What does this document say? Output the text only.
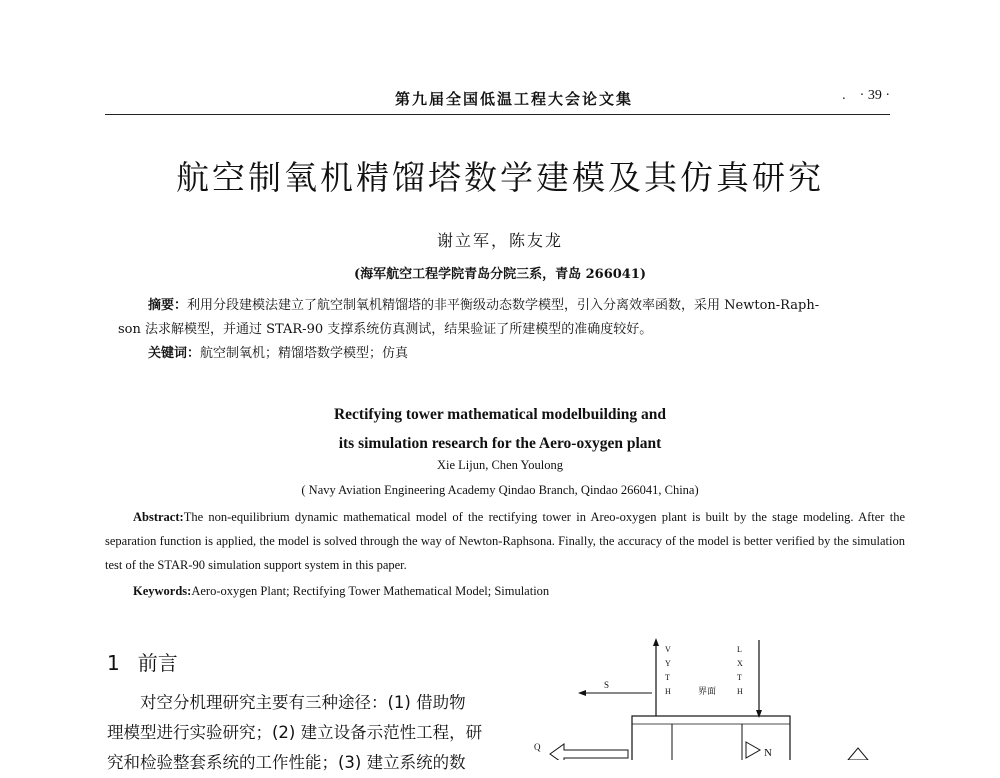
第九届全国低温工程大会论文集	. · 39 ·
航空制氧机精馏塔数学建模及其仿真研究
谢立军，陈友龙
(海军航空工程学院青岛分院三系，青岛 266041)

摘要：利用分段建模法建立了航空制氧机精馏塔的非平衡级动态数学模型，引入分离效率函数，采用 Newton-Raph-

son 法求解模型，并通过 STAR-90 支撑系统仿真测试，结果验证了所建模型的准确度较好。

关键词：航空制氧机；精馏塔数学模型；仿真
Rectifying tower mathematical modelbuilding and
its simulation research for the Aero-oxygen plant
Xie Lijun, Chen Youlong
( Navy Aviation Engineering Academy Qindao Branch, Qindao 266041, China)

Abstract:The non-equilibrium dynamic mathematical model of the rectifying tower in Areo-oxygen plant is built by the stage modeling. After the separation function is applied, the model is solved through the way of Newton-Raphsona. Finally, the accuracy of the model is better verified by the simulation test of the STAR-90 simulation support system in this paper.

Keywords:Aero-oxygen Plant; Rectifying Tower Mathematical Model; Simulation
1 前言

对空分机理研究主要有三种途径：(1) 借助物

理模型进行实验研究；(2) 建立设备示范性工程，研
究和检验整套系统的工作性能；(3) 建立系统的数
S
V
Y
T
H	界面
L
X
T
H
Q	N
